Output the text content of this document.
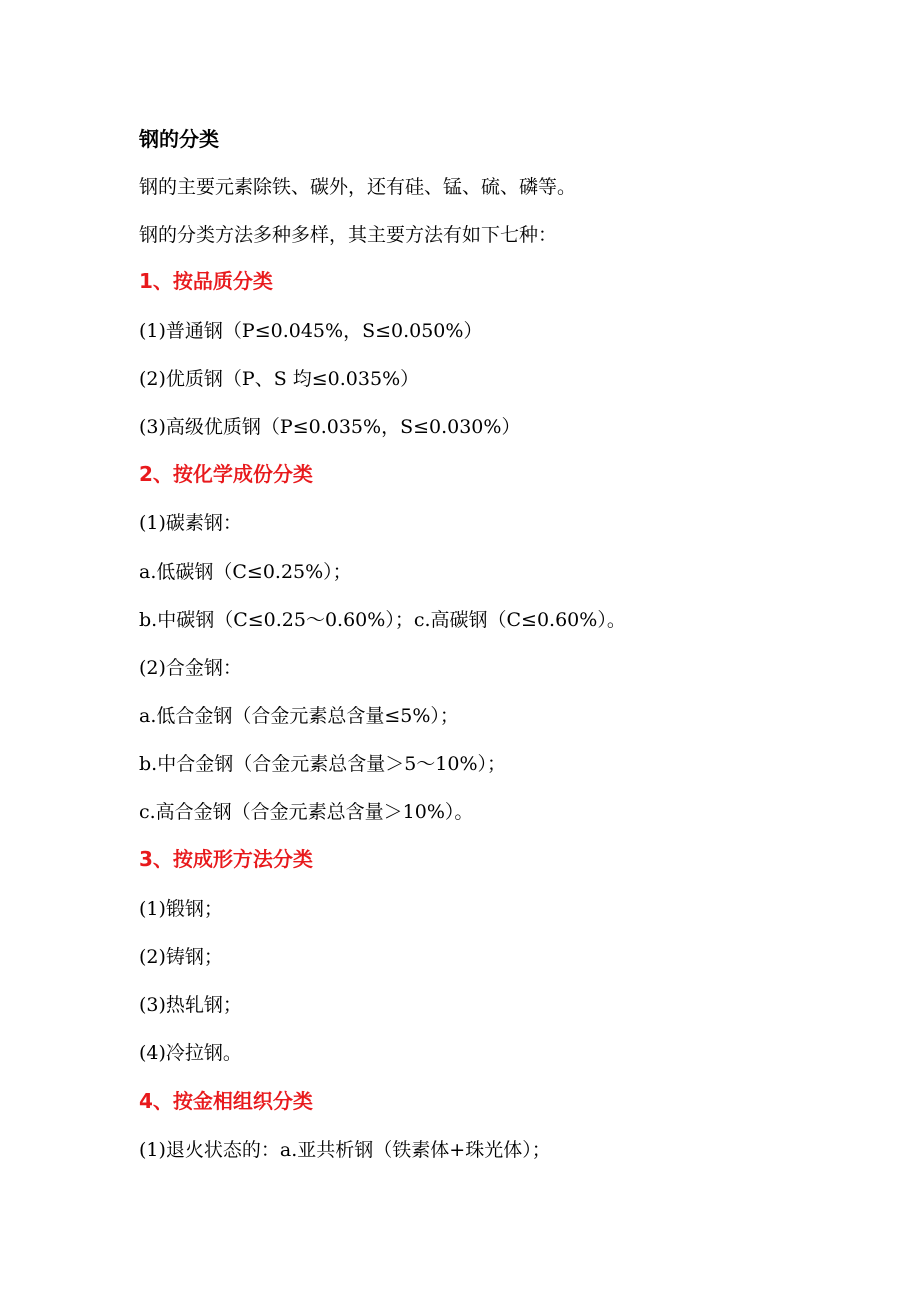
钢的分类
钢的主要元素除铁、碳外，还有硅、锰、硫、磷等。
钢的分类方法多种多样，其主要方法有如下七种：
1、按品质分类
(1)普通钢（P≤0.045%，S≤0.050%）
(2)优质钢（P、S 均≤0.035%）
(3)高级优质钢（P≤0.035%，S≤0.030%）
2、按化学成份分类
(1)碳素钢：
a.低碳钢（C≤0.25%）；
b.中碳钢（C≤0.25～0.60%）；c.高碳钢（C≤0.60%）。
(2)合金钢：
a.低合金钢（合金元素总含量≤5%）；
b.中合金钢（合金元素总含量＞5～10%）；
c.高合金钢（合金元素总含量＞10%）。
3、按成形方法分类
(1)锻钢；
(2)铸钢；
(3)热轧钢；
(4)冷拉钢。
4、按金相组织分类
(1)退火状态的：a.亚共析钢（铁素体+珠光体）；
